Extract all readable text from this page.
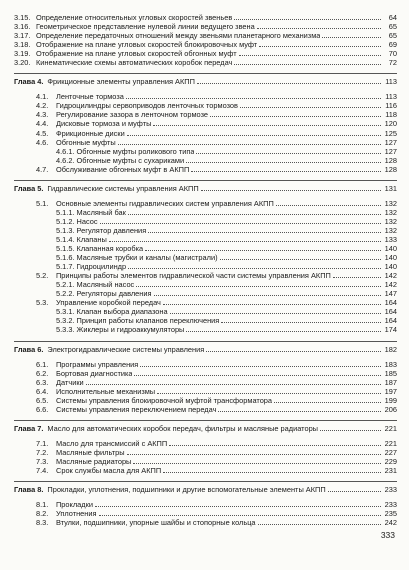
3.15. Определение относительных угловых скоростей звеньев	64
3.16. Геометрическое представление нулевой линии ведущего звена	65
3.17. Определение передаточных отношений между звеньями планетарного механизма	65
3.18. Отображение на плане угловых скоростей блокировочных муфт	69
3.19. Отображение на плане угловых скоростей обгонных муфт	70
3.20. Кинематические схемы автоматических коробок передач	72
Глава 4. Фрикционные элементы управления АКПП	113
4.1.	Ленточные тормоза	113
4.2.	Гидроцилиндры сервоприводов ленточных тормозов	116
4.3.	Регулирование зазора в ленточном тормозе	118
4.4.	Дисковые тормоза и муфты	120
4.5.	Фрикционные диски	125
4.6.	Обгонные муфты	127
4.6.1. Обгонные муфты роликового типа	127
4.6.2. Обгонные муфты с сухариками	128
4.7.	Обслуживание обгонных муфт в АКПП	128
Глава 5. Гидравлические системы управления АКПП	131
5.1.	Основные элементы гидравлических систем управления АКПП	132
5.1.1. Масляный бак	132
5.1.2. Насос	132
5.1.3. Регулятор давления	132
5.1.4. Клапаны	133
5.1.5. Клапанная коробка	140
5.1.6. Масляные трубки и каналы (магистрали)	140
5.1.7. Гидроцилиндр	140
5.2.	Принципы работы элементов гидравлической части системы управления АКПП	142
5.2.1. Масляный насос	142
5.2.2. Регуляторы давления	147
5.3.	Управление коробкой передач	164
5.3.1. Клапан выбора диапазона	164
5.3.2. Принцип работы клапанов переключения	164
5.3.3. Жиклеры и гидроаккумуляторы	174
Глава 6. Электрогидравлические системы управления	182
6.1.	Программы управления	183
6.2.	Бортовая диагностика	185
6.3.	Датчики	187
6.4.	Исполнительные механизмы	197
6.5.	Системы управления блокировочной муфтой трансформатора	199
6.6.	Системы управления переключением передач	206
Глава 7. Масло для автоматических коробок передач, фильтры и масляные радиаторы	221
7.1.	Масло для трансмиссий с АКПП	221
7.2.	Масляные фильтры	227
7.3.	Масляные радиаторы	229
7.4.	Срок службы масла для АКПП	231
Глава 8. Прокладки, уплотнения, подшипники и другие вспомогательные элементы АКПП	233
8.1.	Прокладки	233
8.2.	Уплотнения	235
8.3.	Втулки, подшипники, упорные шайбы и стопорные кольца	242
333
